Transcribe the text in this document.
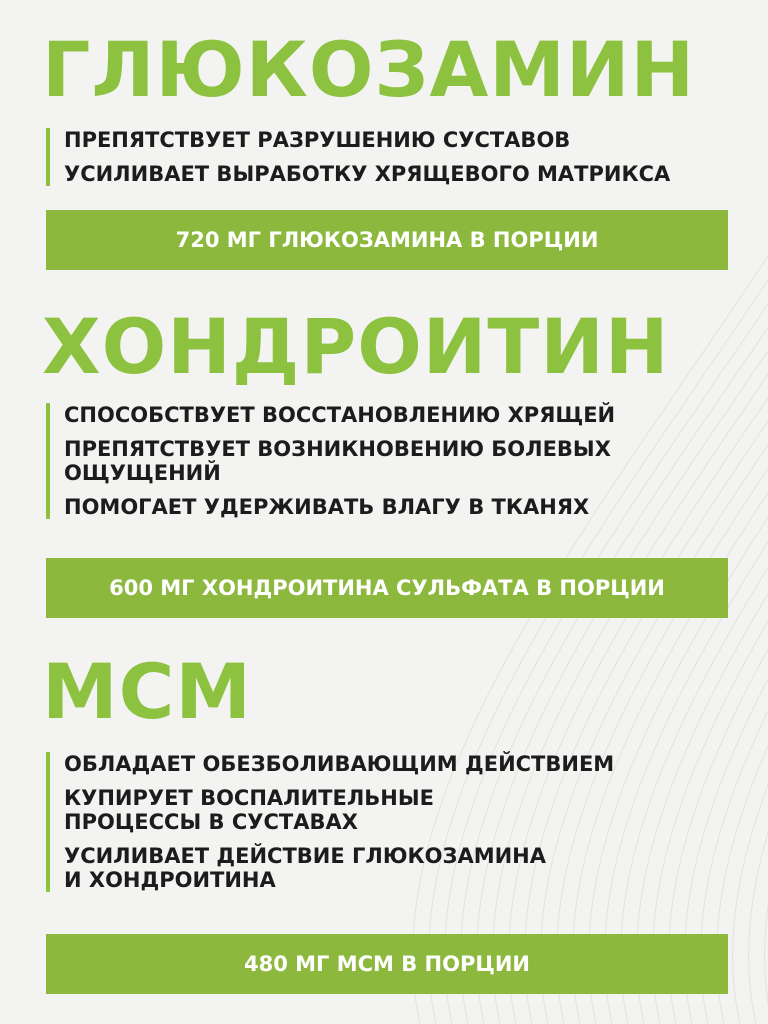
ГЛЮКОЗАМИН
ПРЕПЯТСТВУЕТ РАЗРУШЕНИЮ СУСТАВОВ
УСИЛИВАЕТ ВЫРАБОТКУ ХРЯЩЕВОГО МАТРИКСА
720 МГ ГЛЮКОЗАМИНА В ПОРЦИИ
ХОНДРОИТИН
СПОСОБСТВУЕТ ВОССТАНОВЛЕНИЮ ХРЯЩЕЙ
ПРЕПЯТСТВУЕТ ВОЗНИКНОВЕНИЮ БОЛЕВЫХ ОЩУЩЕНИЙ
ПОМОГАЕТ УДЕРЖИВАТЬ ВЛАГУ В ТКАНЯХ
600 МГ ХОНДРОИТИНА СУЛЬФАТА В ПОРЦИИ
МСМ
ОБЛАДАЕТ ОБЕЗБОЛИВАЮЩИМ ДЕЙСТВИЕМ
КУПИРУЕТ ВОСПАЛИТЕЛЬНЫЕ ПРОЦЕССЫ В СУСТАВАХ
УСИЛИВАЕТ ДЕЙСТВИЕ ГЛЮКОЗАМИНА И ХОНДРОИТИНА
480 МГ МСМ В ПОРЦИИ
